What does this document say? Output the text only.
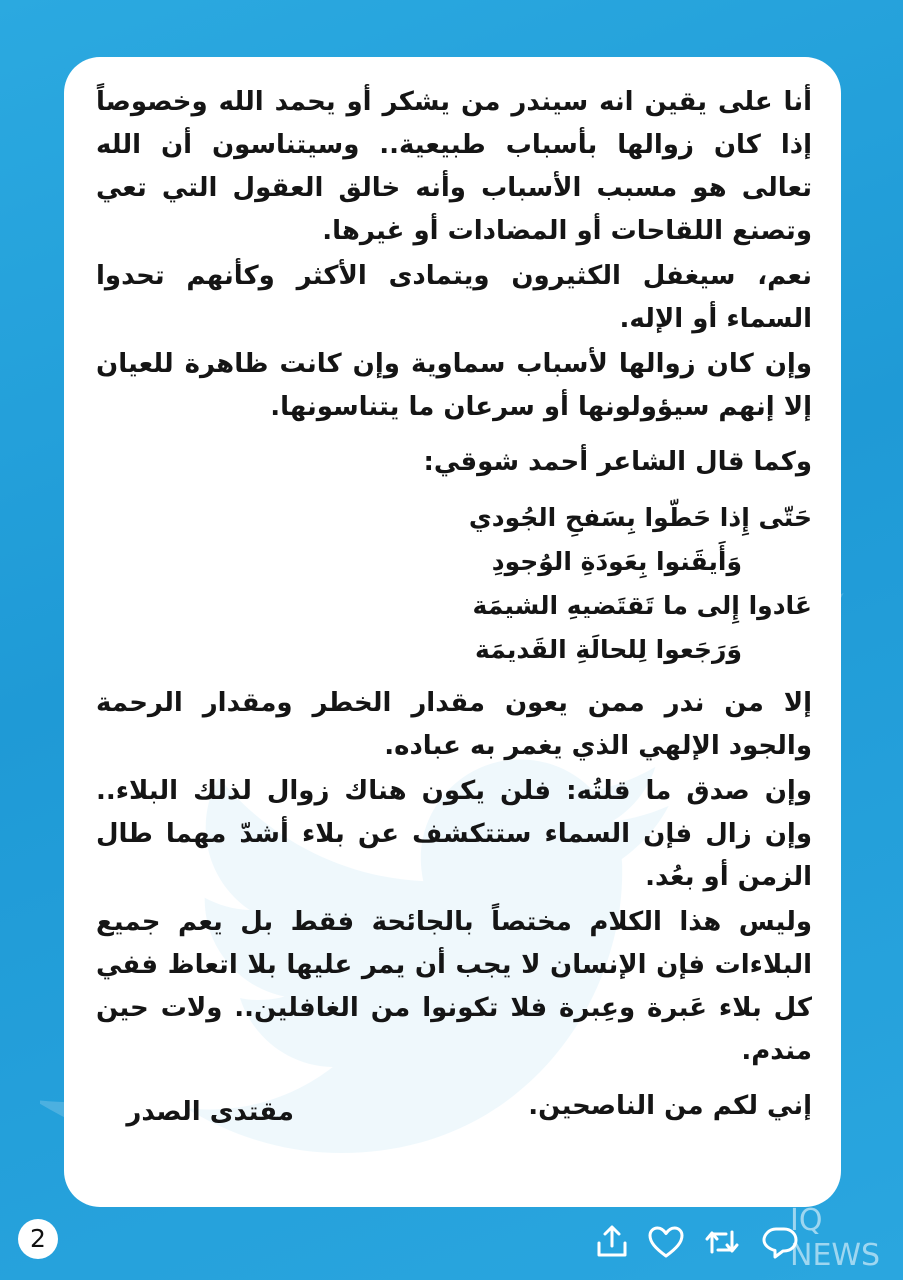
أنا على يقين انه سيندر من يشكر أو يحمد الله وخصوصاً إذا كان زوالها بأسباب طبيعية.. وسيتناسون أن الله تعالى هو مسبب الأسباب وأنه خالق العقول التي تعي وتصنع اللقاحات أو المضادات أو غيرها.

نعم، سيغفل الكثيرون ويتمادى الأكثر وكأنهم تحدوا السماء أو الإله.

وإن كان زوالها لأسباب سماوية وإن كانت ظاهرة للعيان إلا إنهم سيؤولونها أو سرعان ما يتناسونها.

وكما قال الشاعر أحمد شوقي:

حَتّى إِذا حَطّوا بِسَفحِ الجُودي

وَأَيقَنوا بِعَودَةِ الوُجودِ

عَادوا إِلى ما تَقتَضيهِ الشيمَة

وَرَجَعوا لِلحالَةِ القَديمَة

إلا من ندر ممن يعون مقدار الخطر ومقدار الرحمة والجود الإلهي الذي يغمر به عباده.

وإن صدق ما قلتُه: فلن يكون هناك زوال لذلك البلاء.. وإن زال فإن السماء ستتكشف عن بلاء أشدّ مهما طال الزمن أو بعُد.

وليس هذا الكلام مختصاً بالجائحة فقط بل يعم جميع البلاءات فإن الإنسان لا يجب أن يمر عليها بلا اتعاظ ففي كل بلاء عَبرة وعِبرة فلا تكونوا من الغافلين.. ولات حين مندم.

إني لكم من الناصحين.

مقتدى الصدر
2
IQ NEWS
